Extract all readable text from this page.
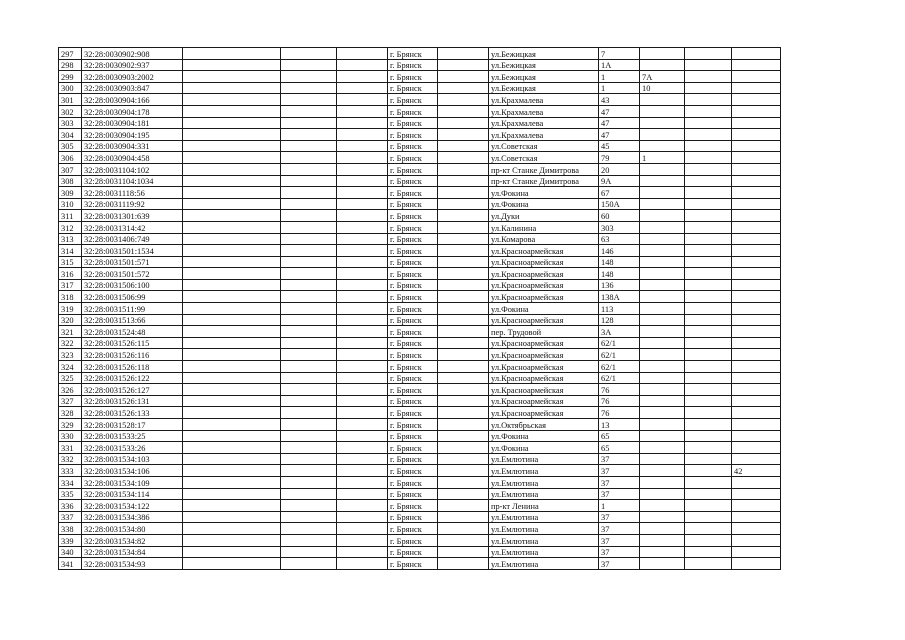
297	32:28:0030902:908				г. Брянск		ул.Бежицкая	7			
298	32:28:0030902:937				г. Брянск		ул.Бежицкая	1А			
299	32:28:0030903:2002				г. Брянск		ул.Бежицкая	1	7А		
300	32:28:0030903:847				г. Брянск		ул.Бежицкая	1	10		
301	32:28:0030904:166				г. Брянск		ул.Крахмалева	43			
302	32:28:0030904:178				г. Брянск		ул.Крахмалева	47			
303	32:28:0030904:181				г. Брянск		ул.Крахмалева	47			
304	32:28:0030904:195				г. Брянск		ул.Крахмалева	47			
305	32:28:0030904:331				г. Брянск		ул.Советская	45			
306	32:28:0030904:458				г. Брянск		ул.Советская	79	1		
307	32:28:0031104:102				г. Брянск		пр-кт Станке Димитрова	20			
308	32:28:0031104:1034				г. Брянск		пр-кт Станке Димитрова	9А			
309	32:28:0031118:56				г. Брянск		ул.Фокина	67			
310	32:28:0031119:92				г. Брянск		ул.Фокина	150А			
311	32:28:0031301:639				г. Брянск		ул.Дуки	60			
312	32:28:0031314:42				г. Брянск		ул.Калинина	303			
313	32:28:0031406:749				г. Брянск		ул.Комарова	63			
314	32:28:0031501:1534				г. Брянск		ул.Красноармейская	146			
315	32:28:0031501:571				г. Брянск		ул.Красноармейская	148			
316	32:28:0031501:572				г. Брянск		ул.Красноармейская	148			
317	32:28:0031506:100				г. Брянск		ул.Красноармейская	136			
318	32:28:0031506:99				г. Брянск		ул.Красноармейская	138А			
319	32:28:0031511:99				г. Брянск		ул.Фокина	113			
320	32:28:0031513:66				г. Брянск		ул.Красноармейская	128			
321	32:28:0031524:48				г. Брянск		пер. Трудовой	3А			
322	32:28:0031526:115				г. Брянск		ул.Красноармейская	62/1			
323	32:28:0031526:116				г. Брянск		ул.Красноармейская	62/1			
324	32:28:0031526:118				г. Брянск		ул.Красноармейская	62/1			
325	32:28:0031526:122				г. Брянск		ул.Красноармейская	62/1			
326	32:28:0031526:127				г. Брянск		ул.Красноармейская	76			
327	32:28:0031526:131				г. Брянск		ул.Красноармейская	76			
328	32:28:0031526:133				г. Брянск		ул.Красноармейская	76			
329	32:28:0031528:17				г. Брянск		ул.Октябрьская	13			
330	32:28:0031533:25				г. Брянск		ул.Фокина	65			
331	32:28:0031533:26				г. Брянск		ул.Фокина	65			
332	32:28:0031534:103				г. Брянск		ул.Емлютина	37			
333	32:28:0031534:106				г. Брянск		ул.Емлютина	37			42
334	32:28:0031534:109				г. Брянск		ул.Емлютина	37			
335	32:28:0031534:114				г. Брянск		ул.Емлютина	37			
336	32:28:0031534:122				г. Брянск		пр-кт Ленина	1			
337	32:28:0031534:386				г. Брянск		ул.Емлютина	37			
338	32:28:0031534:80				г. Брянск		ул.Емлютина	37			
339	32:28:0031534:82				г. Брянск		ул.Емлютина	37			
340	32:28:0031534:84				г. Брянск		ул.Емлютина	37			
341	32:28:0031534:93				г. Брянск		ул.Емлютина	37			
